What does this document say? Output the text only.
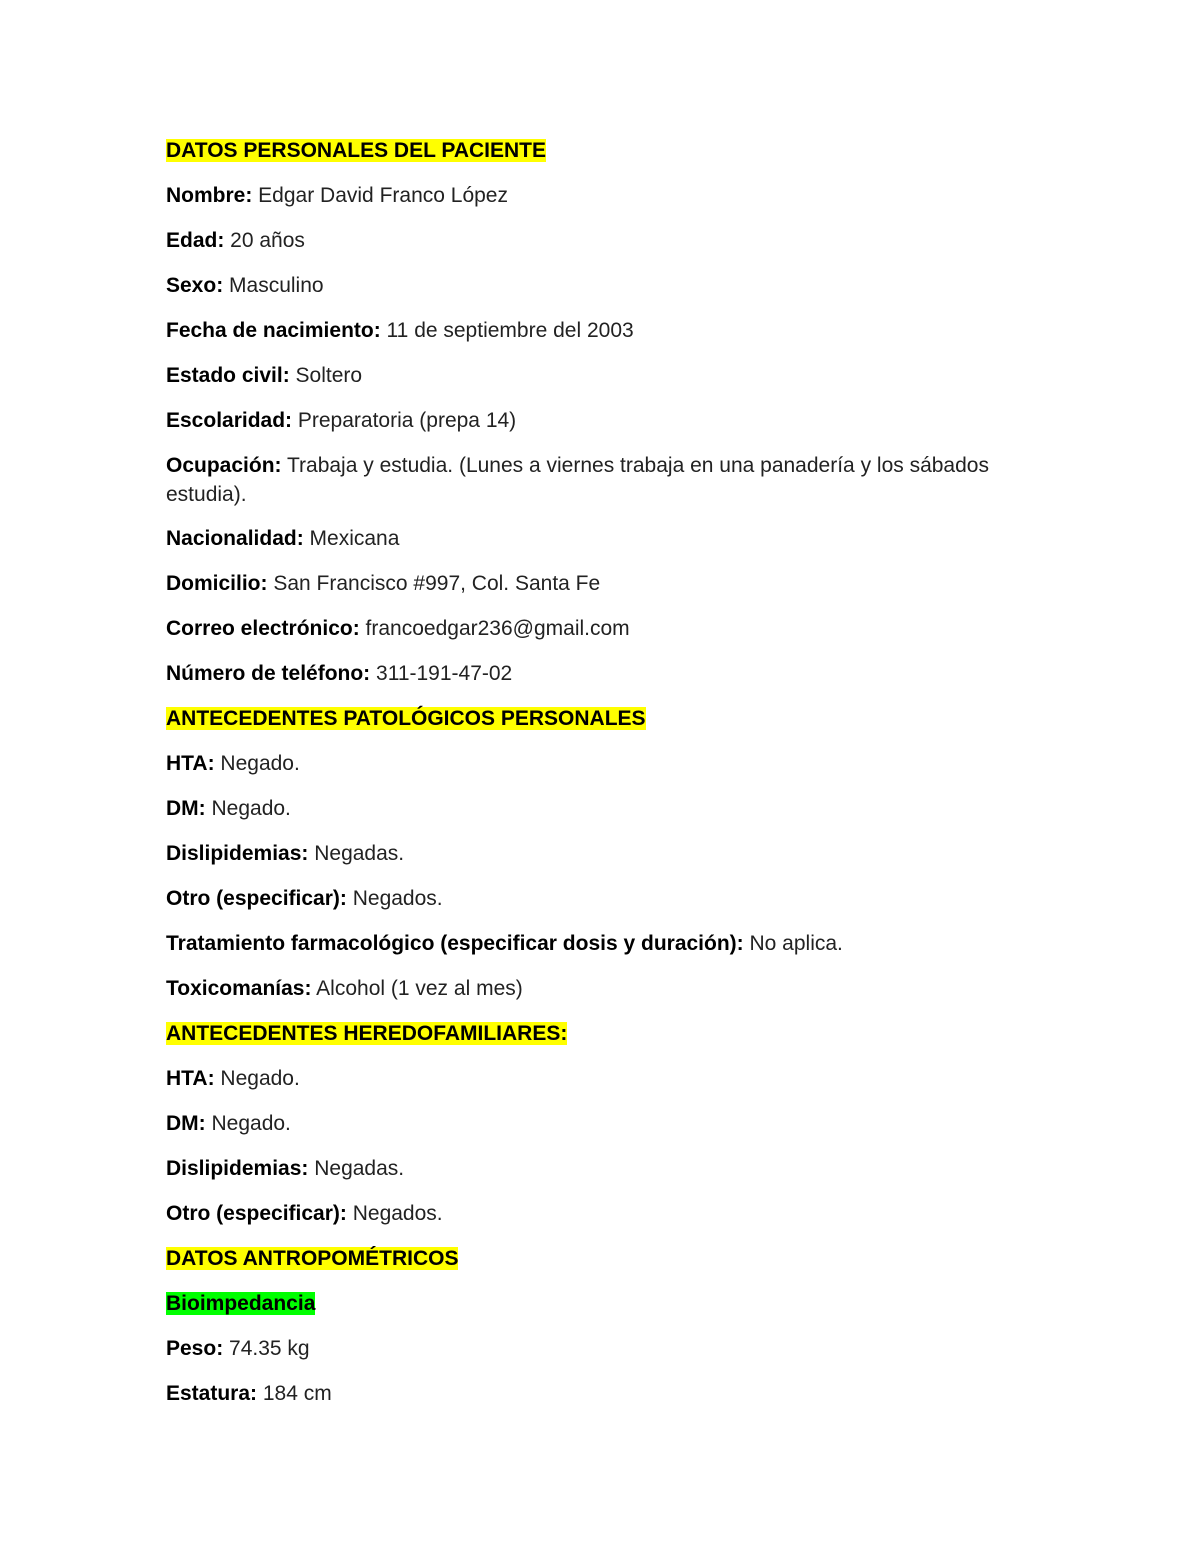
DATOS PERSONALES DEL PACIENTE
Nombre: Edgar David Franco López
Edad: 20 años
Sexo: Masculino
Fecha de nacimiento: 11 de septiembre del 2003
Estado civil: Soltero
Escolaridad: Preparatoria (prepa 14)
Ocupación: Trabaja y estudia. (Lunes a viernes trabaja en una panadería y los sábados estudia).
Nacionalidad: Mexicana
Domicilio: San Francisco #997, Col. Santa Fe
Correo electrónico: francoedgar236@gmail.com
Número de teléfono: 311-191-47-02
ANTECEDENTES PATOLÓGICOS PERSONALES
HTA: Negado.
DM: Negado.
Dislipidemias: Negadas.
Otro (especificar): Negados.
Tratamiento farmacológico (especificar dosis y duración): No aplica.
Toxicomanías: Alcohol (1 vez al mes)
ANTECEDENTES HEREDOFAMILIARES:
HTA: Negado.
DM: Negado.
Dislipidemias: Negadas.
Otro (especificar): Negados.
DATOS ANTROPOMÉTRICOS
Bioimpedancia
Peso: 74.35 kg
Estatura: 184 cm
